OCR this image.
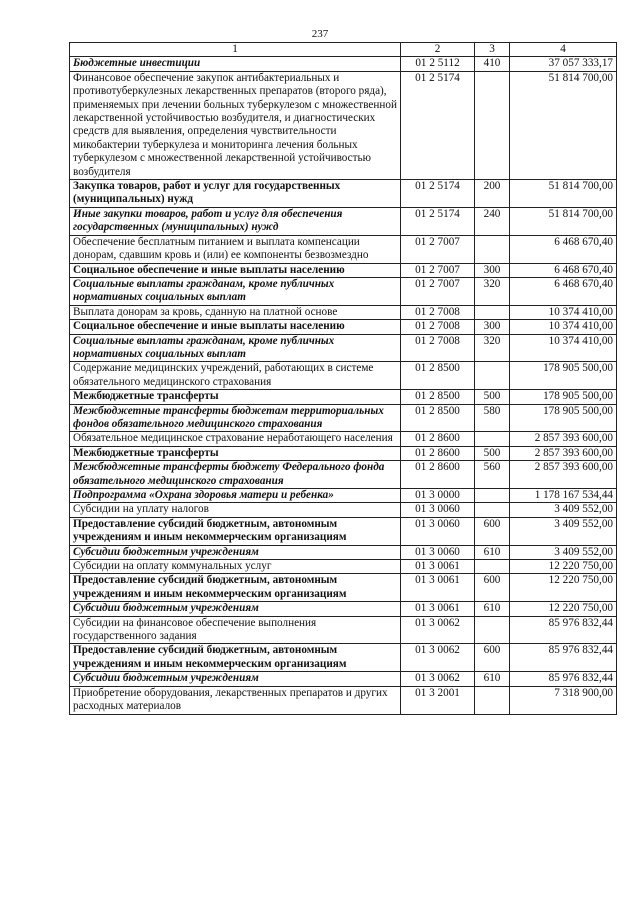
237
1	2	3	4
Бюджетные инвестиции	01 2 5112	410	37 057 333,17
Финансовое обеспечение закупок антибактериальных и противотуберкулезных лекарственных препаратов (второго ряда), применяемых при лечении больных туберкулезом с множественной лекарственной устойчивостью возбудителя, и диагностических средств для выявления, определения чувствительности микобактерии туберкулеза и мониторинга лечения больных туберкулезом с множественной лекарственной устойчивостью возбудителя	01 2 5174		51 814 700,00
Закупка товаров, работ и услуг для государственных (муниципальных) нужд	01 2 5174	200	51 814 700,00
Иные закупки товаров, работ и услуг для обеспечения государственных (муниципальных) нужд	01 2 5174	240	51 814 700,00
Обеспечение бесплатным питанием и выплата компенсации донорам, сдавшим кровь и (или) ее компоненты безвозмездно	01 2 7007		6 468 670,40
Социальное обеспечение и иные выплаты населению	01 2 7007	300	6 468 670,40
Социальные выплаты гражданам, кроме публичных нормативных социальных выплат	01 2 7007	320	6 468 670,40
Выплата донорам за кровь, сданную на платной основе	01 2 7008		10 374 410,00
Социальное обеспечение и иные выплаты населению	01 2 7008	300	10 374 410,00
Социальные выплаты гражданам, кроме публичных нормативных социальных выплат	01 2 7008	320	10 374 410,00
Содержание медицинских учреждений, работающих в системе обязательного медицинского страхования	01 2 8500		178 905 500,00
Межбюджетные трансферты	01 2 8500	500	178 905 500,00
Межбюджетные трансферты бюджетам территориальных фондов обязательного медицинского страхования	01 2 8500	580	178 905 500,00
Обязательное медицинское страхование неработающего населения	01 2 8600		2 857 393 600,00
Межбюджетные трансферты	01 2 8600	500	2 857 393 600,00
Межбюджетные трансферты бюджету Федерального фонда обязательного медицинского страхования	01 2 8600	560	2 857 393 600,00
Подпрограмма «Охрана здоровья матери и ребенка»	01 3 0000		1 178 167 534,44
Субсидии на уплату налогов	01 3 0060		3 409 552,00
Предоставление субсидий бюджетным, автономным учреждениям и иным некоммерческим организациям	01 3 0060	600	3 409 552,00
Субсидии бюджетным учреждениям	01 3 0060	610	3 409 552,00
Субсидии на оплату коммунальных услуг	01 3 0061		12 220 750,00
Предоставление субсидий бюджетным, автономным учреждениям и иным некоммерческим организациям	01 3 0061	600	12 220 750,00
Субсидии бюджетным учреждениям	01 3 0061	610	12 220 750,00
Субсидии на финансовое обеспечение выполнения государственного задания	01 3 0062		85 976 832,44
Предоставление субсидий бюджетным, автономным учреждениям и иным некоммерческим организациям	01 3 0062	600	85 976 832,44
Субсидии бюджетным учреждениям	01 3 0062	610	85 976 832,44
Приобретение оборудования, лекарственных препаратов и других расходных материалов	01 3 2001		7 318 900,00
